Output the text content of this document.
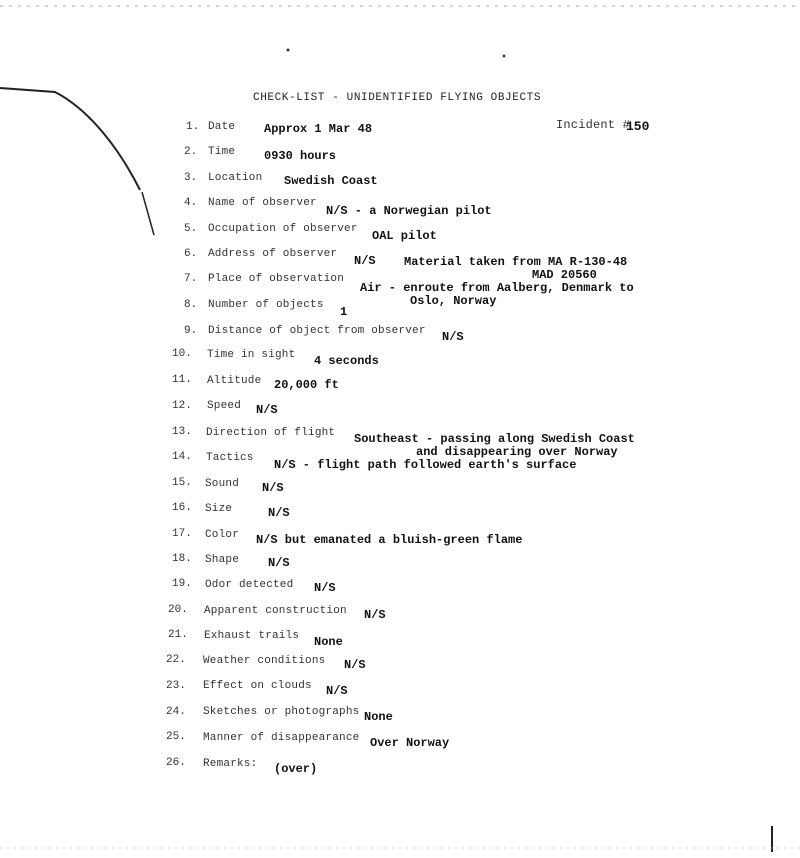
CHECK-LIST - UNIDENTIFIED FLYING OBJECTS
Incident #
150
1. Date Approx 1 Mar 48
2. Time 0930 hours
3. Location Swedish Coast
4. Name of observer
N/S - a Norwegian pilot
5. Occupation of observer OAL pilot
6. Address of observer N/S Material taken from MA R-130-48
MAD 20560
7. Place of observation
Air - enroute from Aalberg, Denmark to
Oslo, Norway
8. Number of objects 1
9. Distance of object from observer N/S
10. Time in sight 4 seconds
11. Altitude 20,000 ft
12. Speed N/S
13. Direction of flight Southeast - passing along Swedish Coast
and disappearing over Norway
14. Tactics N/S - flight path followed earth's surface
15. Sound N/S
16. Size	N/S
17. Color N/S but emanated a bluish-green flame
18. Shape N/S
19. Odor detected N/S
20. Apparent construction N/S
21. Exhaust trails None
22. Weather conditions N/S
23. Effect on clouds N/S
24. Sketches or photographs None
25. Manner of disappearance Over Norway
26. Remarks: (over)
